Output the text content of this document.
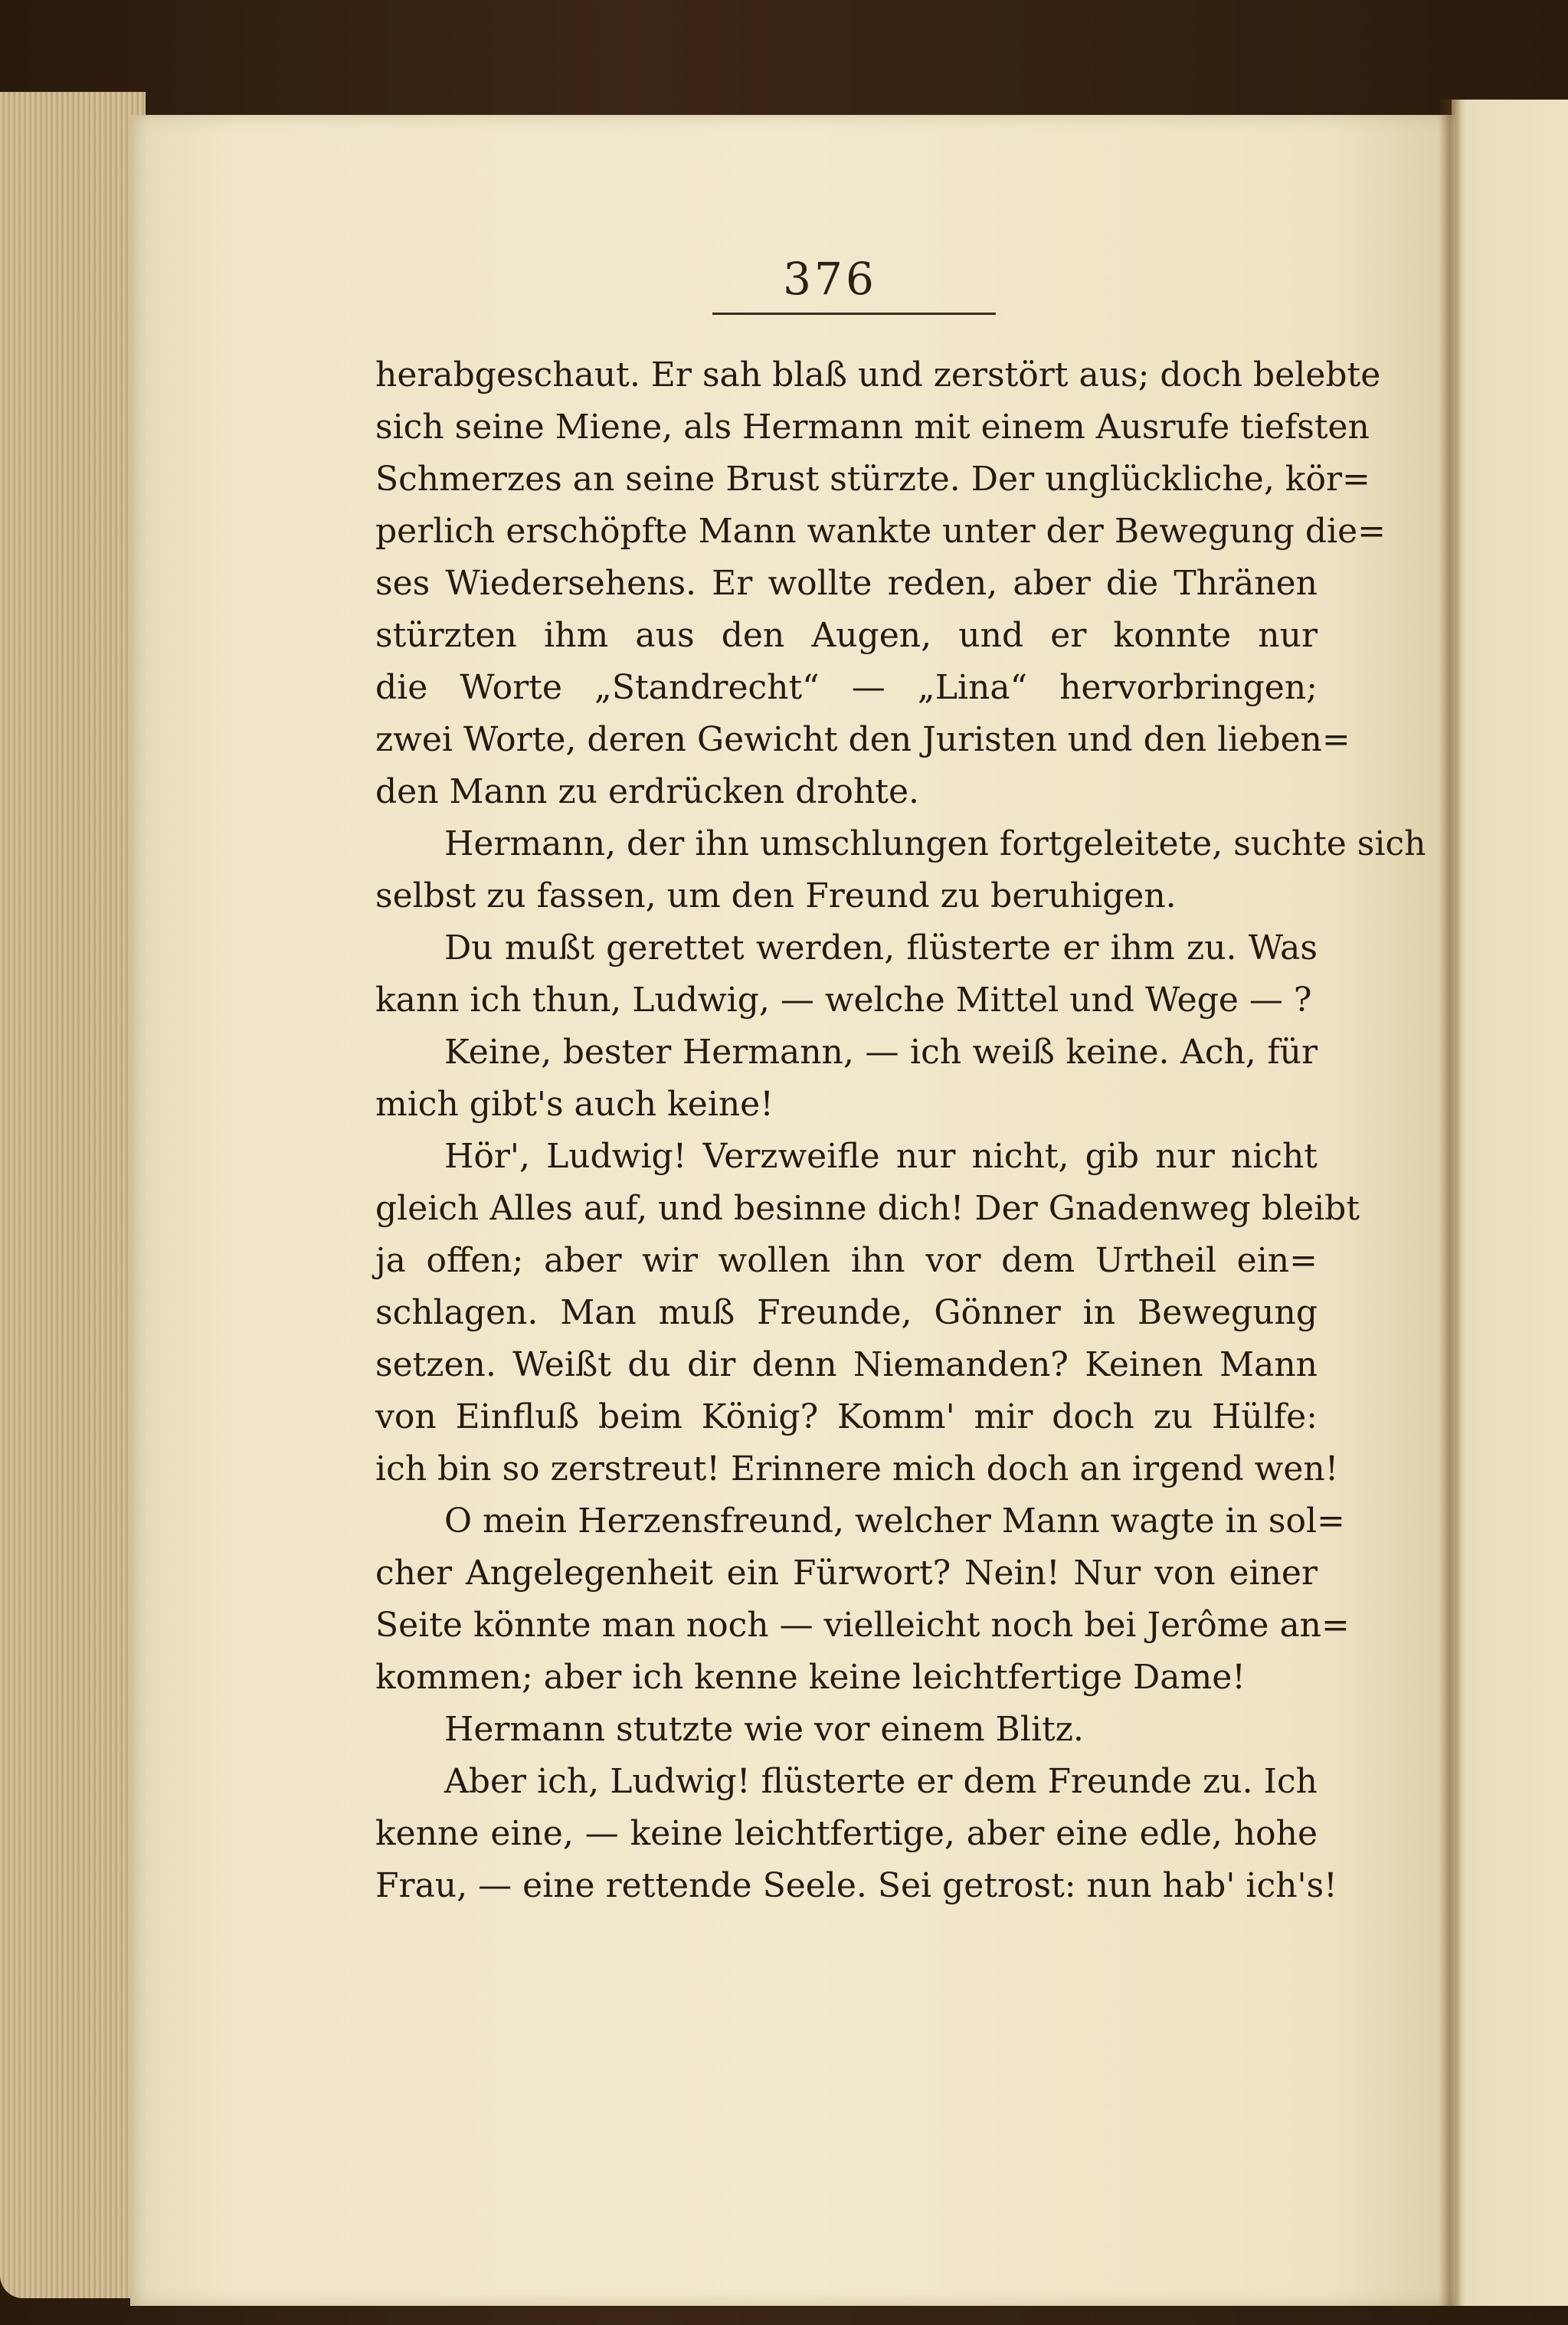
376
herabgeschaut. Er sah blaß und zerstört aus; doch belebte
sich seine Miene, als Hermann mit einem Ausrufe tiefsten
Schmerzes an seine Brust stürzte. Der unglückliche, kör=
perlich erschöpfte Mann wankte unter der Bewegung die=
ses Wiedersehens. Er wollte reden, aber die Thränen
stürzten ihm aus den Augen, und er konnte nur
die Worte „Standrecht“ — „Lina“ hervorbringen;
zwei Worte, deren Gewicht den Juristen und den lieben=
den Mann zu erdrücken drohte.
Hermann, der ihn umschlungen fortgeleitete, suchte sich
selbst zu fassen, um den Freund zu beruhigen.
Du mußt gerettet werden, flüsterte er ihm zu. Was
kann ich thun, Ludwig, — welche Mittel und Wege — ?
Keine, bester Hermann, — ich weiß keine. Ach, für
mich gibt's auch keine!
Hör', Ludwig! Verzweifle nur nicht, gib nur nicht
gleich Alles auf, und besinne dich! Der Gnadenweg bleibt
ja offen; aber wir wollen ihn vor dem Urtheil ein=
schlagen. Man muß Freunde, Gönner in Bewegung
setzen. Weißt du dir denn Niemanden? Keinen Mann
von Einfluß beim König? Komm' mir doch zu Hülfe:
ich bin so zerstreut! Erinnere mich doch an irgend wen!
O mein Herzensfreund, welcher Mann wagte in sol=
cher Angelegenheit ein Fürwort? Nein! Nur von einer
Seite könnte man noch — vielleicht noch bei Jerôme an=
kommen; aber ich kenne keine leichtfertige Dame!
Hermann stutzte wie vor einem Blitz.
Aber ich, Ludwig! flüsterte er dem Freunde zu. Ich
kenne eine, — keine leichtfertige, aber eine edle, hohe
Frau, — eine rettende Seele. Sei getrost: nun hab' ich's!
